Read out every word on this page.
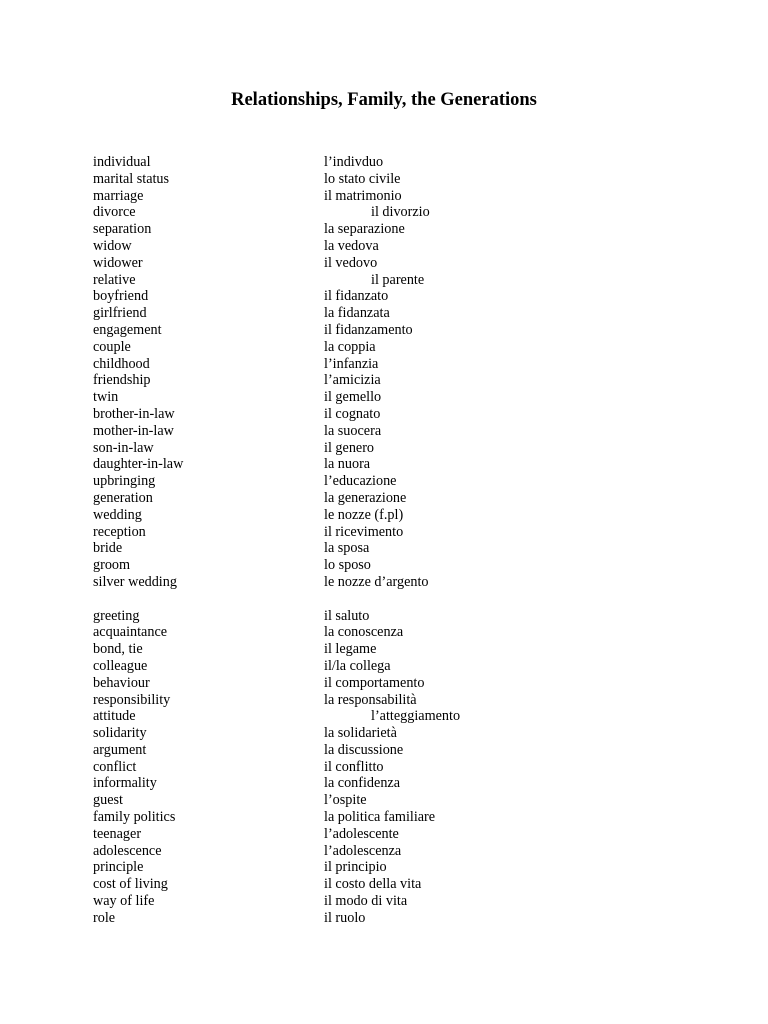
Relationships, Family, the Generations
individual	l’indivduo
marital status	lo stato civile
marriage	il matrimonio
divorce	il divorzio
separation	la separazione
widow	la vedova
widower	il vedovo
relative	il parente
boyfriend	il fidanzato
girlfriend	la fidanzata
engagement	il fidanzamento
couple	la coppia
childhood	l’infanzia
friendship	l’amicizia
twin	il gemello
brother-in-law	il cognato
mother-in-law	la suocera
son-in-law	il genero
daughter-in-law	la nuora
upbringing	l’educazione
generation	la generazione
wedding	le nozze (f.pl)
reception	il ricevimento
bride	la sposa
groom	lo sposo
silver wedding	le nozze d’argento
greeting	il saluto
acquaintance	la conoscenza
bond, tie	il legame
colleague	il/la collega
behaviour	il comportamento
responsibility	la responsabilità
attitude	l’atteggiamento
solidarity	la solidarietà
argument	la discussione
conflict	il conflitto
informality	la confidenza
guest	l’ospite
family politics	la politica familiare
teenager	l’adolescente
adolescence	l’adolescenza
principle	il principio
cost of living	il costo della vita
way of life	il modo di vita
role	il ruolo
